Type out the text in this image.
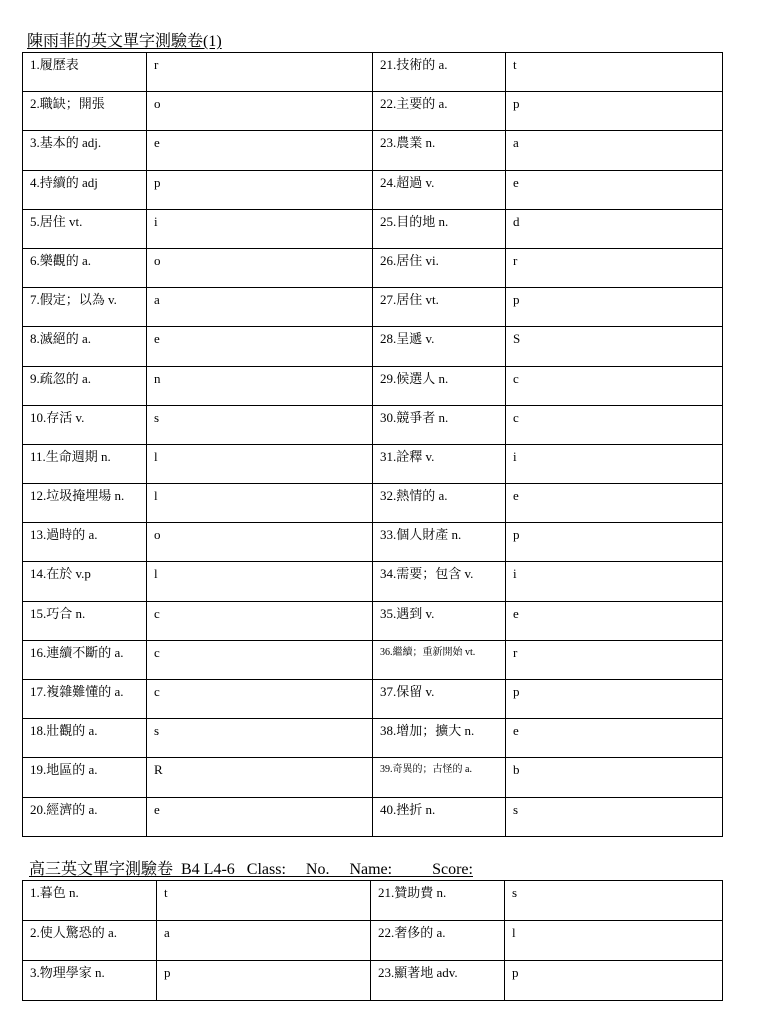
陳雨菲的英文單字測驗卷(1)
1.履歷表	r	21.技術的 a.	t
2.職缺；開張	o	22.主要的 a.	p
3.基本的 adj.	e	23.農業 n.	a
4.持續的 adj	p	24.超過 v.	e
5.居住 vt.	i	25.目的地 n.	d
6.樂觀的 a.	o	26.居住 vi.	r
7.假定；以為 v.	a	27.居住 vt.	p
8.滅絕的 a.	e	28.呈遞 v.	S
9.疏忽的 a.	n	29.候選人 n.	c
10.存活 v.	s	30.競爭者 n.	c
11.生命週期 n.	l	31.詮釋 v.	i
12.垃圾掩埋場 n.	l	32.熱情的 a.	e
13.過時的 a.	o	33.個人財產 n.	p
14.在於 v.p	l	34.需要；包含 v.	i
15.巧合 n.	c	35.遇到 v.	e
16.連續不斷的 a.	c	36.繼續；重新開始 vt.	r
17.複雜難懂的 a.	c	37.保留 v.	p
18.壯觀的 a.	s	38.增加；擴大 n.	e
19.地區的 a.	R	39.奇異的；古怪的 a.	b
20.經濟的 a.	e	40.挫折 n.	s
高三英文單字測驗卷  B4 L4-6   Class:     No.     Name:          Score:
1.暮色 n.	t	21.贊助費 n.	s
2.使人驚恐的 a.	a	22.奢侈的 a.	l
3.物理學家 n.	p	23.顯著地 adv.	p
